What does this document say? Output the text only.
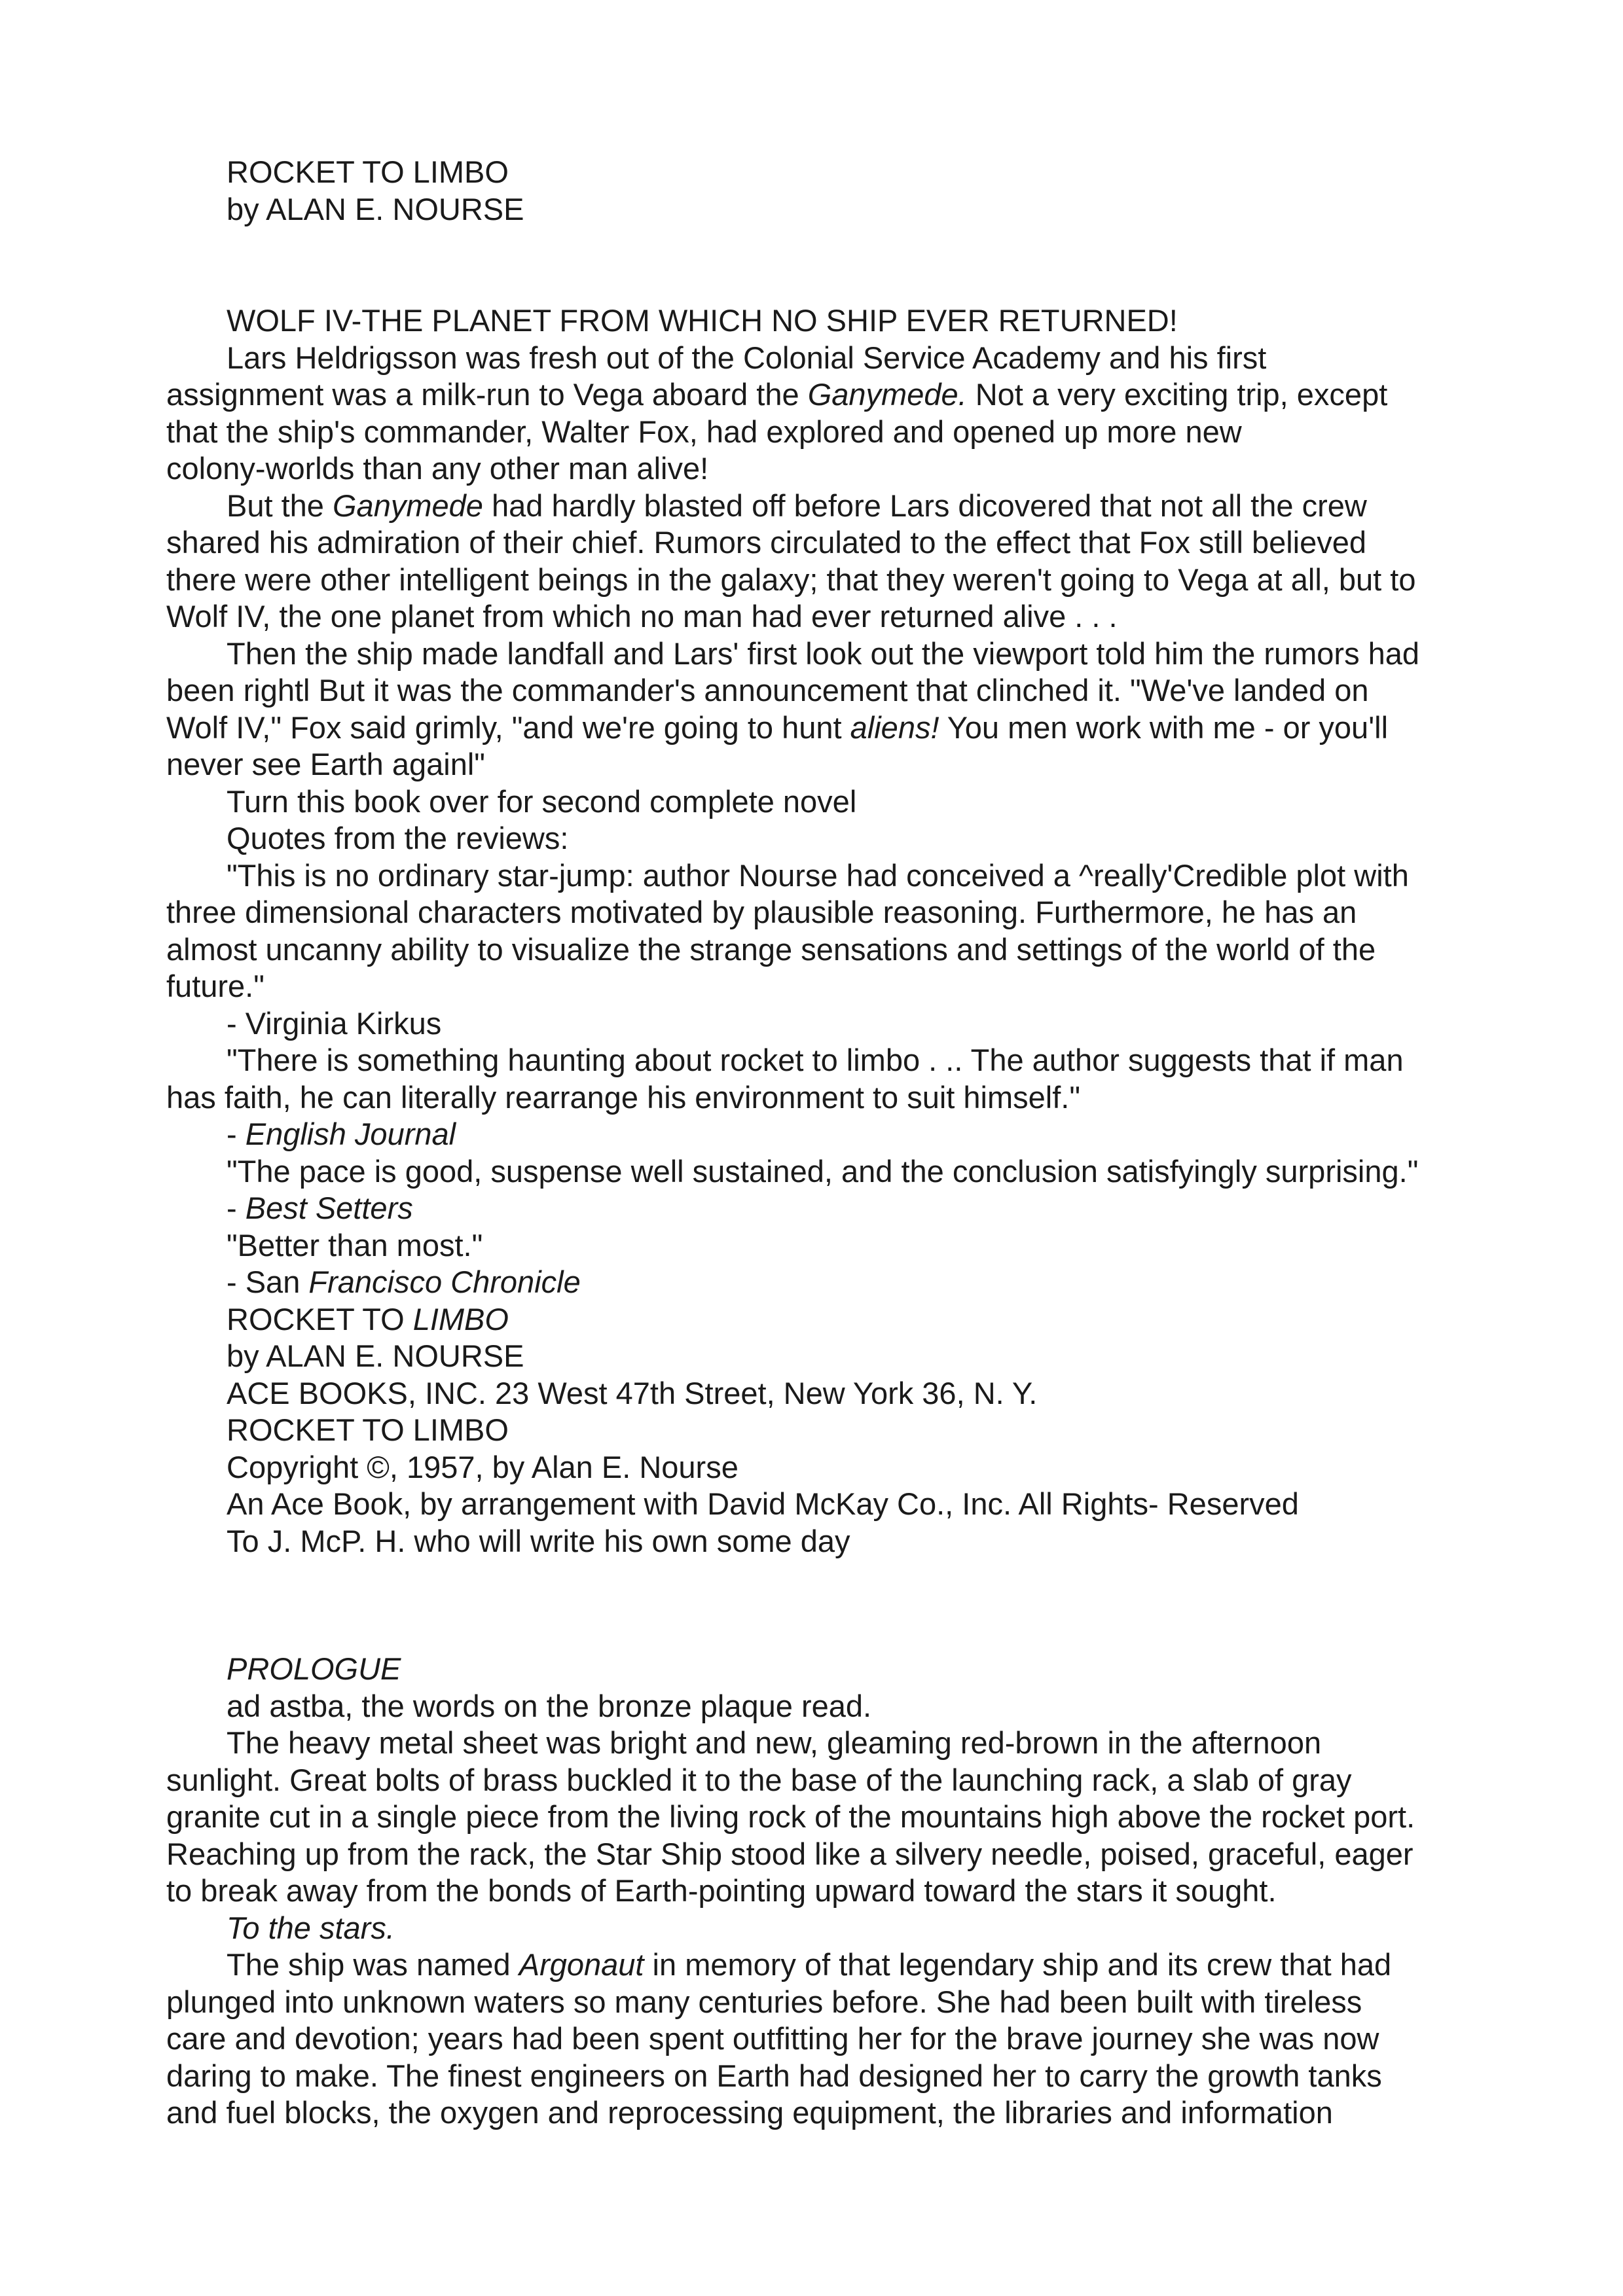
ROCKET TO LIMBO
by ALAN E. NOURSE
WOLF IV-THE PLANET FROM WHICH NO SHIP EVER RETURNED!
Lars Heldrigsson was fresh out of the Colonial Service Academy and his first
assignment was a milk-run to Vega aboard the Ganymede. Not a very exciting trip, except
that the ship's commander, Walter Fox, had explored and opened up more new
colony-worlds than any other man alive!
But the Ganymede had hardly blasted off before Lars dicovered that not all the crew
shared his admiration of their chief. Rumors circulated to the effect that Fox still believed
there were other intelligent beings in the galaxy; that they weren't going to Vega at all, but to
Wolf IV, the one planet from which no man had ever returned alive . . .
Then the ship made landfall and Lars' first look out the viewport told him the rumors had
been rightl But it was the commander's announcement that clinched it. "We've landed on
Wolf IV," Fox said grimly, "and we're going to hunt aliens! You men work with me - or you'll
never see Earth againl"
Turn this book over for second complete novel
Quotes from the reviews:
"This is no ordinary star-jump: author Nourse had conceived a ^really'Credible plot with
three dimensional characters motivated by plausible reasoning. Furthermore, he has an
almost uncanny ability to visualize the strange sensations and settings of the world of the
future."
- Virginia Kirkus
"There is something haunting about rocket to limbo . .. The author suggests that if man
has faith, he can literally rearrange his environment to suit himself."
- English Journal
"The pace is good, suspense well sustained, and the conclusion satisfyingly surprising."
- Best Setters
"Better than most."
- San Francisco Chronicle
ROCKET TO LIMBO
by ALAN E. NOURSE
ACE BOOKS, INC. 23 West 47th Street, New York 36, N. Y.
ROCKET TO LIMBO
Copyright ©, 1957, by Alan E. Nourse
An Ace Book, by arrangement with David McKay Co., Inc. All Rights- Reserved
To J. McP. H. who will write his own some day
PROLOGUE
ad astba, the words on the bronze plaque read.
The heavy metal sheet was bright and new, gleaming red-brown in the afternoon
sunlight. Great bolts of brass buckled it to the base of the launching rack, a slab of gray
granite cut in a single piece from the living rock of the mountains high above the rocket port.
Reaching up from the rack, the Star Ship stood like a silvery needle, poised, graceful, eager
to break away from the bonds of Earth-pointing upward toward the stars it sought.
To the stars.
The ship was named Argonaut in memory of that legendary ship and its crew that had
plunged into unknown waters so many centuries before. She had been built with tireless
care and devotion; years had been spent outfitting her for the brave journey she was now
daring to make. The finest engineers on Earth had designed her to carry the growth tanks
and fuel blocks, the oxygen and reprocessing equipment, the libraries and information
